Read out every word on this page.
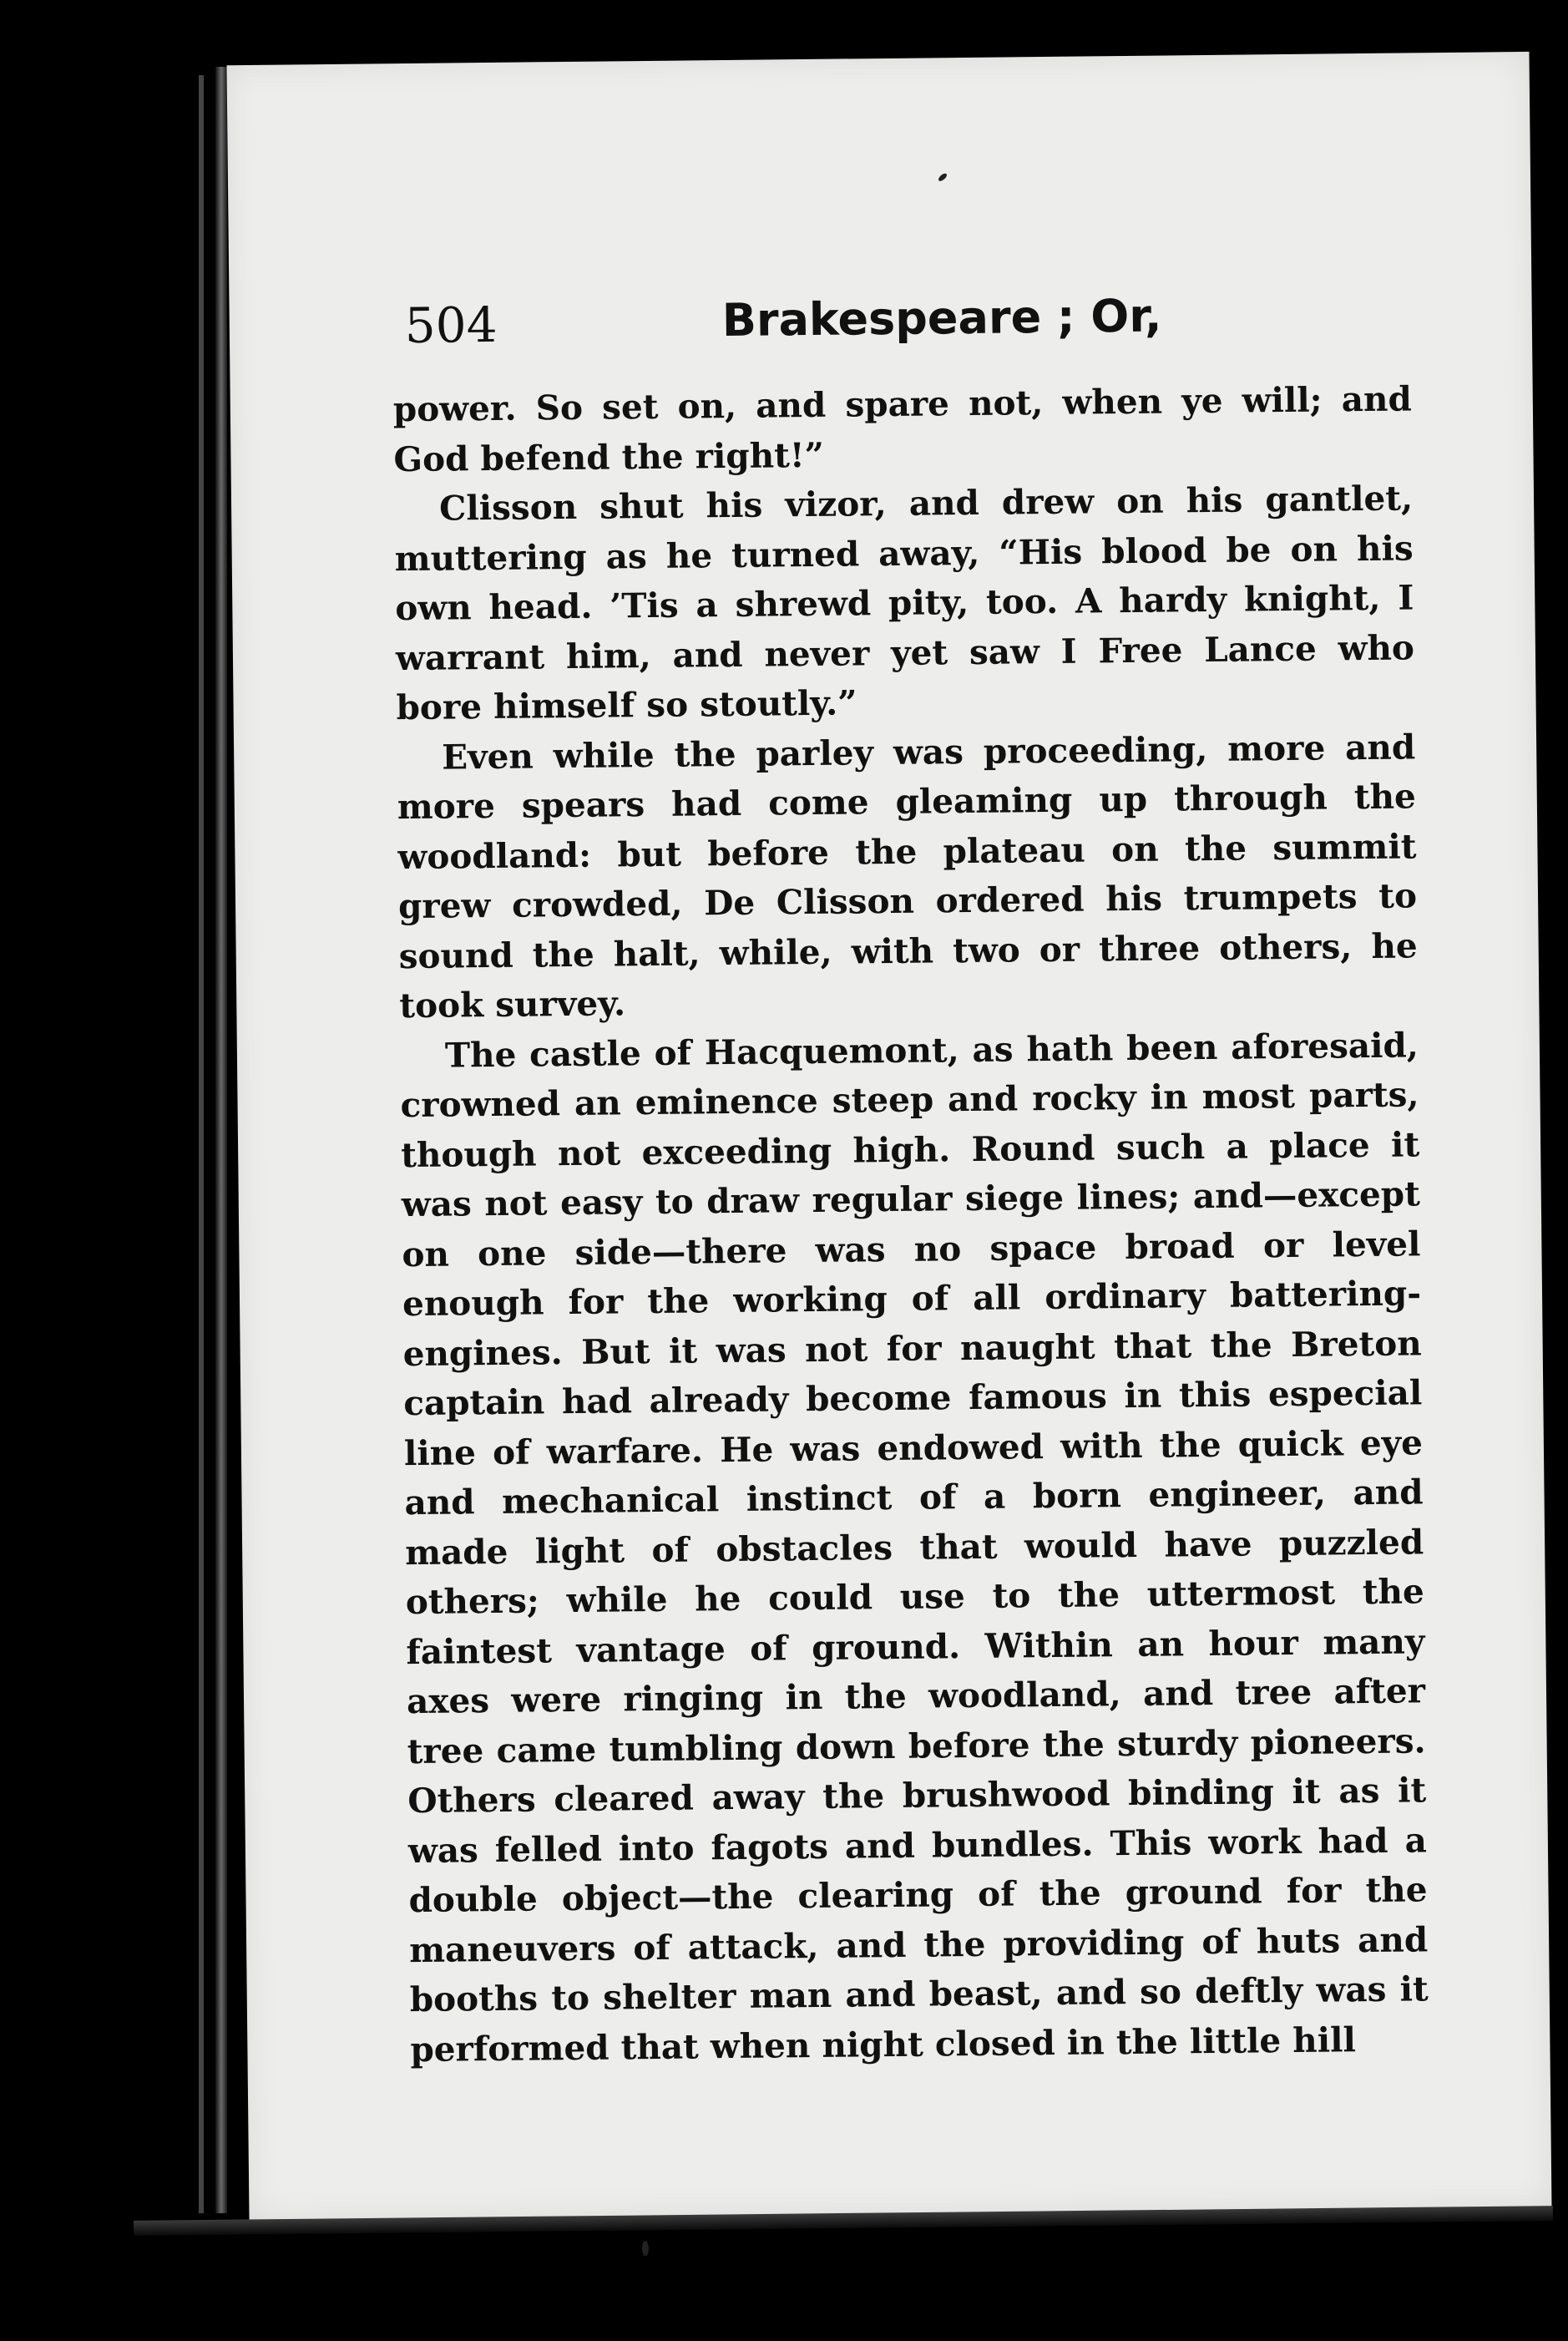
504	Brakespeare ; Or,

power. So set on, and spare not, when ye will; and God befend the right!”

Clisson shut his vizor, and drew on his gantlet, muttering as he turned away, “His blood be on his own head. ’Tis a shrewd pity, too. A hardy knight, I warrant him, and never yet saw I Free Lance who bore himself so stoutly.”

Even while the parley was proceeding, more and more spears had come gleaming up through the woodland: but before the plateau on the summit grew crowded, De Clisson ordered his trumpets to sound the halt, while, with two or three others, he took survey.

The castle of Hacquemont, as hath been aforesaid, crowned an eminence steep and rocky in most parts, though not exceeding high. Round such a place it was not easy to draw regular siege lines; and—except on one side—there was no space broad or level enough for the working of all ordinary battering-engines. But it was not for naught that the Breton captain had already become famous in this especial line of warfare. He was endowed with the quick eye and mechanical instinct of a born engineer, and made light of obstacles that would have puzzled others; while he could use to the uttermost the faintest vantage of ground. Within an hour many axes were ringing in the woodland, and tree after tree came tumbling down before the sturdy pioneers. Others cleared away the brushwood binding it as it was felled into fagots and bundles. This work had a double object—the clearing of the ground for the maneuvers of attack, and the providing of huts and booths to shelter man and beast, and so deftly was it performed that when night closed in the little hill
